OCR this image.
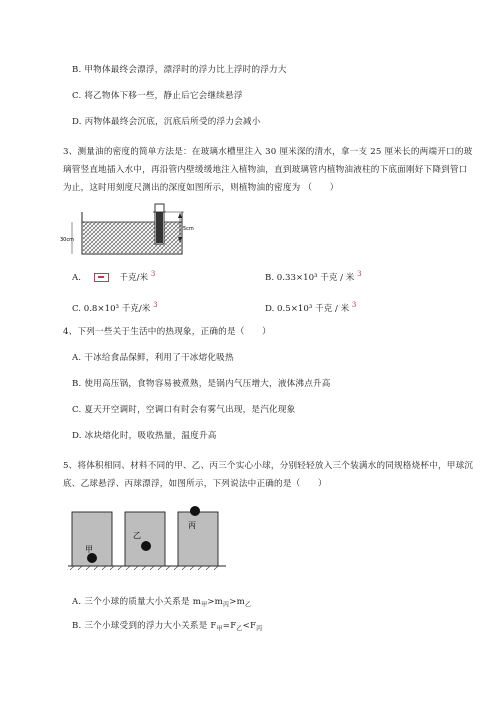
B. 甲物体最终会漂浮，漂浮时的浮力比上浮时的浮力大
C. 将乙物体下移一些，静止后它会继续悬浮
D. 丙物体最终会沉底，沉底后所受的浮力会减小
3、测量油的密度的简单方法是：在玻璃水槽里注入 30 厘米深的清水，拿一支 25 厘米长的两端开口的玻璃管竖直地插入水中，再沿管内壁缓缓地注入植物油，直到玻璃管内植物油液柱的下底面刚好下降到管口为止，这时用刻度尺测出的深度如图所示，则植物油的密度为 （　　）
5cm
30cm
A.	千克/米 $^3$	B. 0.33×10³ 千克 / 米 $^3$
C. 0.8×10³ 千克/米 $^3$	D. 0.5×10³ 千克 / 米 $^3$
4、下列一些关于生活中的热现象，正确的是（　　）
A. 干冰给食品保鲜，利用了干冰熔化吸热
B. 使用高压锅，食物容易被煮熟，是锅内气压增大，液体沸点升高
C. 夏天开空调时，空调口有时会有雾气出现，是汽化现象
D. 冰块熔化时，吸收热量，温度升高
5、将体积相同、材料不同的甲、乙、丙三个实心小球，分别轻轻放入三个装满水的同规格烧杯中，甲球沉底、乙球悬浮、丙球漂浮，如图所示，下列说法中正确的是（　　）
甲
乙
丙
A. 三个小球的质量大小关系是 $m_甲>m_丙>m_乙$
B. 三个小球受到的浮力大小关系是 $F_甲=F_乙<F_丙$
